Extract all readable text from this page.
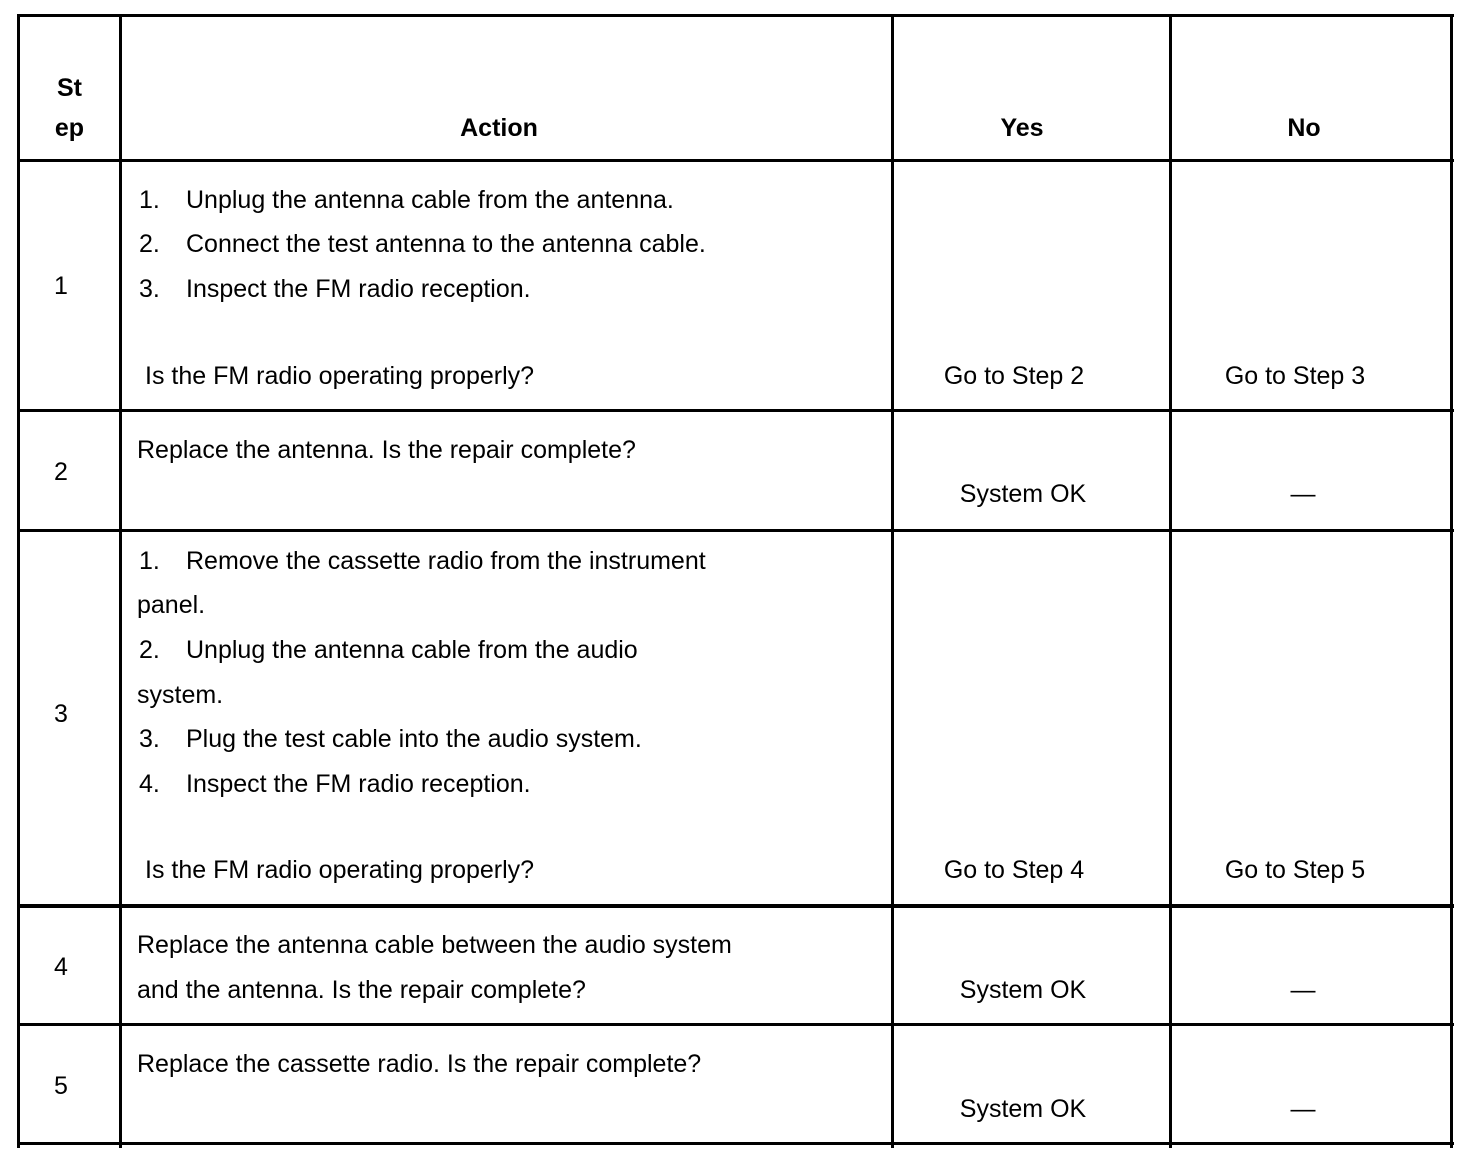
St
ep	Action	Yes	No
1
1. Unplug the antenna cable from the antenna.
2. Connect the test antenna to the antenna cable.
3. Inspect the FM radio reception.
Is the FM radio operating properly?	Go to Step 2	Go to Step 3
2
Replace the antenna. Is the repair complete?
System OK	—
3
1. Remove the cassette radio from the instrument
panel.
2. Unplug the antenna cable from the audio
system.
3. Plug the test cable into the audio system.
4. Inspect the FM radio reception.
Is the FM radio operating properly?	Go to Step 4	Go to Step 5
4
Replace the antenna cable between the audio system
and the antenna. Is the repair complete?	System OK	—
5
Replace the cassette radio. Is the repair complete?
System OK	—
